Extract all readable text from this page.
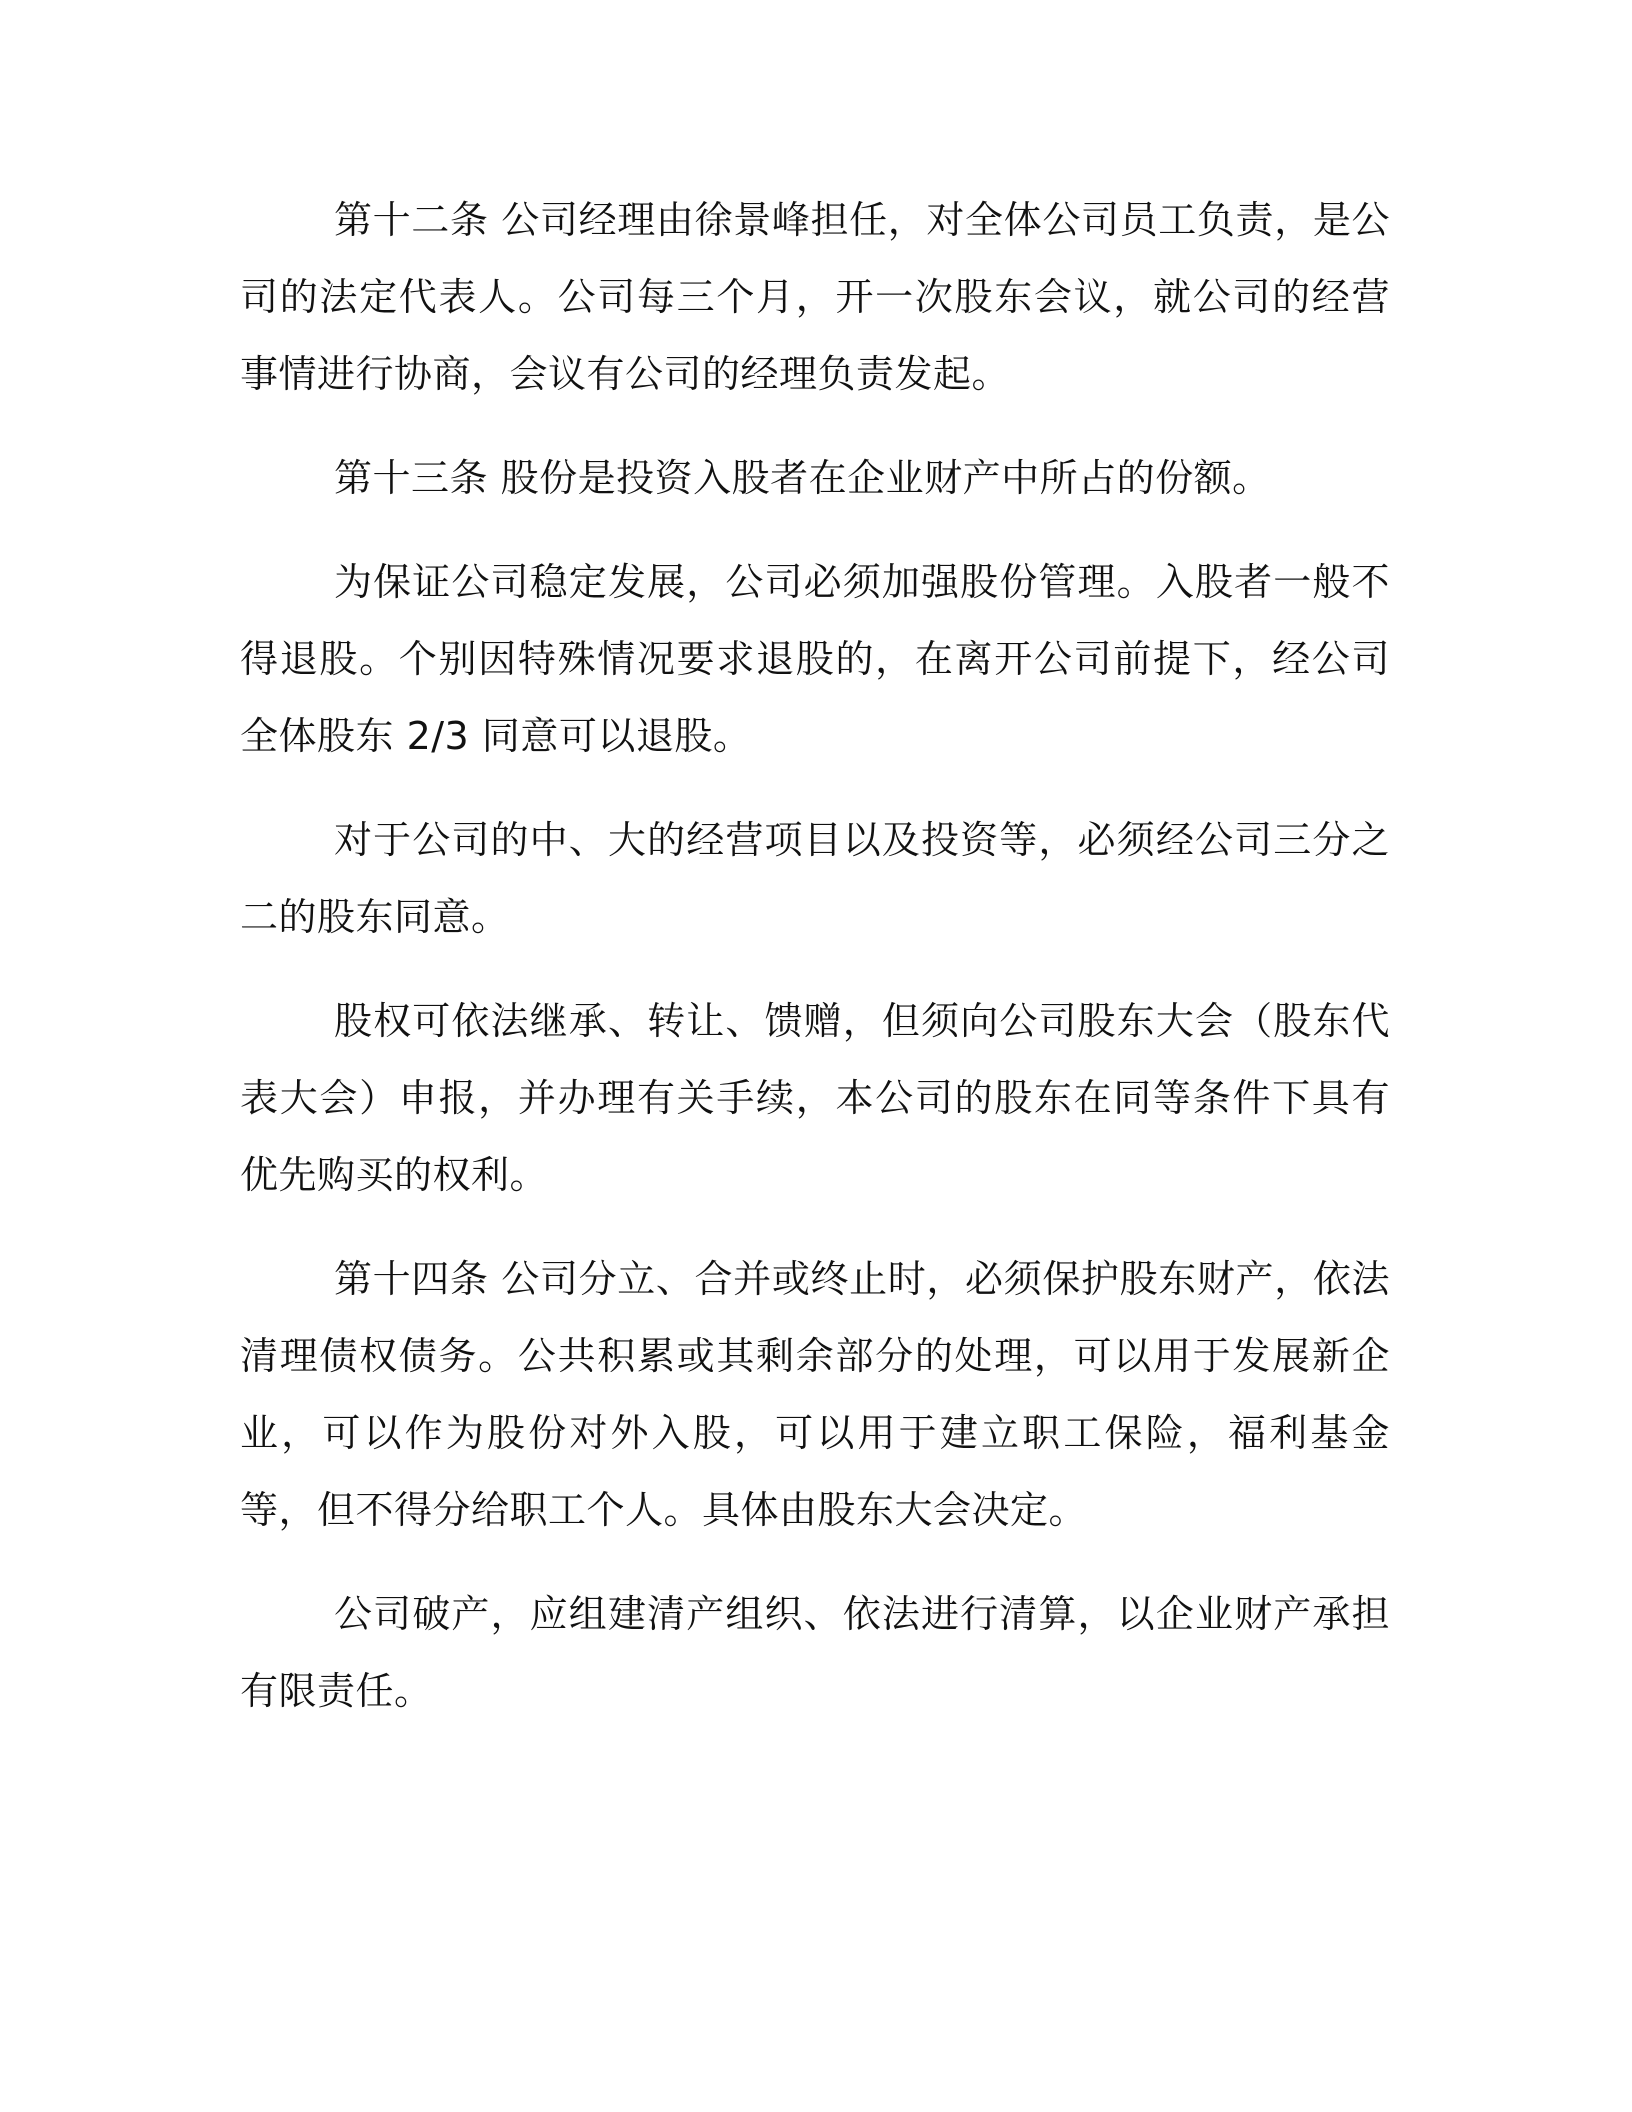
第十二条 公司经理由徐景峰担任，对全体公司员工负责，是公司的法定代表人。公司每三个月，开一次股东会议，就公司的经营事情进行协商，会议有公司的经理负责发起。

第十三条 股份是投资入股者在企业财产中所占的份额。

为保证公司稳定发展，公司必须加强股份管理。入股者一般不得退股。个别因特殊情况要求退股的，在离开公司前提下，经公司全体股东 2/3 同意可以退股。

对于公司的中、大的经营项目以及投资等，必须经公司三分之二的股东同意。

股权可依法继承、转让、馈赠，但须向公司股东大会（股东代表大会）申报，并办理有关手续，本公司的股东在同等条件下具有优先购买的权利。

第十四条 公司分立、合并或终止时，必须保护股东财产，依法清理债权债务。公共积累或其剩余部分的处理，可以用于发展新企业，可以作为股份对外入股，可以用于建立职工保险，福利基金等，但不得分给职工个人。具体由股东大会决定。

公司破产，应组建清产组织、依法进行清算，以企业财产承担有限责任。
